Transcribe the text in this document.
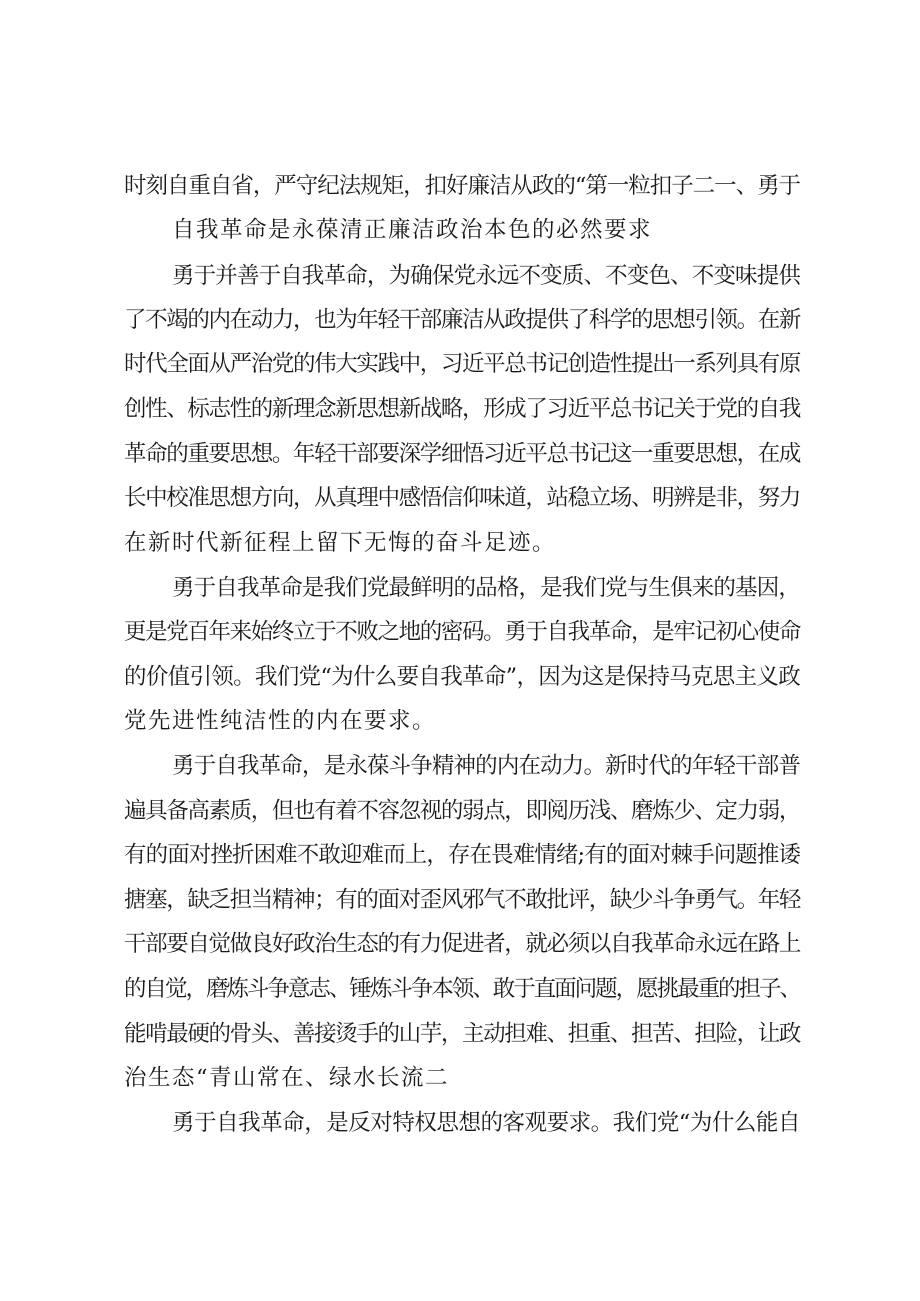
时刻自重自省，严守纪法规矩，扣好廉洁从政的“第一粒扣子二一、勇于
自我革命是永葆清正廉洁政治本色的必然要求
勇于并善于自我革命，为确保党永远不变质、不变色、不变味提供
了不竭的内在动力，也为年轻干部廉洁从政提供了科学的思想引领。在新
时代全面从严治党的伟大实践中，习近平总书记创造性提出一系列具有原
创性、标志性的新理念新思想新战略，形成了习近平总书记关于党的自我
革命的重要思想。年轻干部要深学细悟习近平总书记这一重要思想，在成
长中校准思想方向，从真理中感悟信仰味道，站稳立场、明辨是非，努力
在新时代新征程上留下无悔的奋斗足迹。
勇于自我革命是我们党最鲜明的品格，是我们党与生俱来的基因，
更是党百年来始终立于不败之地的密码。勇于自我革命，是牢记初心使命
的价值引领。我们党“为什么要自我革命”，因为这是保持马克思主义政
党先进性纯洁性的内在要求。
勇于自我革命，是永葆斗争精神的内在动力。新时代的年轻干部普
遍具备高素质，但也有着不容忽视的弱点，即阅历浅、磨炼少、定力弱，
有的面对挫折困难不敢迎难而上，存在畏难情绪;有的面对棘手问题推诿
搪塞，缺乏担当精神；有的面对歪风邪气不敢批评，缺少斗争勇气。年轻
干部要自觉做良好政治生态的有力促进者，就必须以自我革命永远在路上
的自觉，磨炼斗争意志、锤炼斗争本领、敢于直面问题，愿挑最重的担子、
能啃最硬的骨头、善接烫手的山芋，主动担难、担重、担苦、担险，让政
治生态“青山常在、绿水长流二
勇于自我革命，是反对特权思想的客观要求。我们党“为什么能自
